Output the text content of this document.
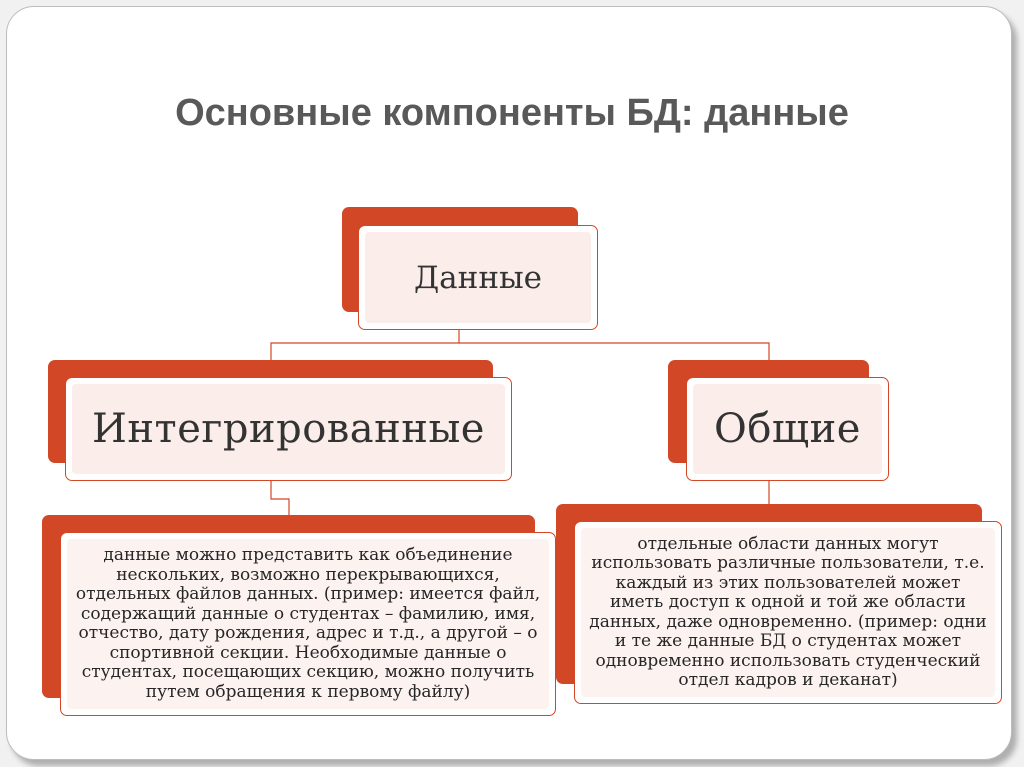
Основные компоненты БД: данные
Данные
Интегрированные	Общие
данные можно представить как объединение нескольких, возможно перекрывающихся, отдельных файлов данных. (пример: имеется файл, содержащий данные о студентах – фамилию, имя, отчество, дату рождения, адрес и т.д., а другой – о спортивной секции. Необходимые данные о студентах, посещающих секцию, можно получить путем обращения к первому файлу)
отдельные области данных могут использовать различные пользователи, т.е. каждый из этих пользователей может иметь доступ к одной и той же области данных, даже одновременно. (пример: одни и те же данные БД о студентах может одновременно использовать студенческий отдел кадров и деканат)
